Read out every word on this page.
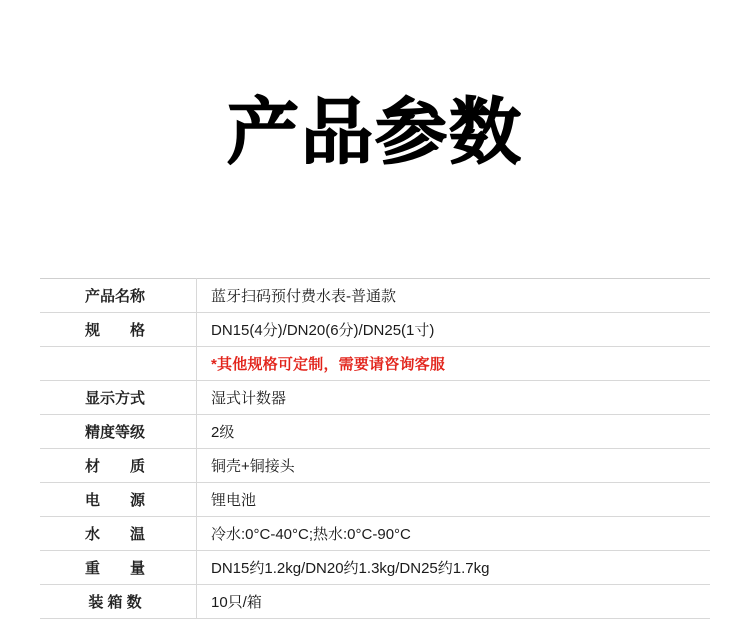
产品参数
产品名称	蓝牙扫码预付费水表-普通款
规　　格	DN15(4分)/DN20(6分)/DN25(1寸)
	*其他规格可定制，需要请咨询客服
显示方式	湿式计数器
精度等级	2级
材　　质	铜壳+铜接头
电　　源	锂电池
水　　温	冷水:0°C-40°C;热水:0°C-90°C
重　　量	DN15约1.2kg/DN20约1.3kg/DN25约1.7kg
装 箱 数	10只/箱
